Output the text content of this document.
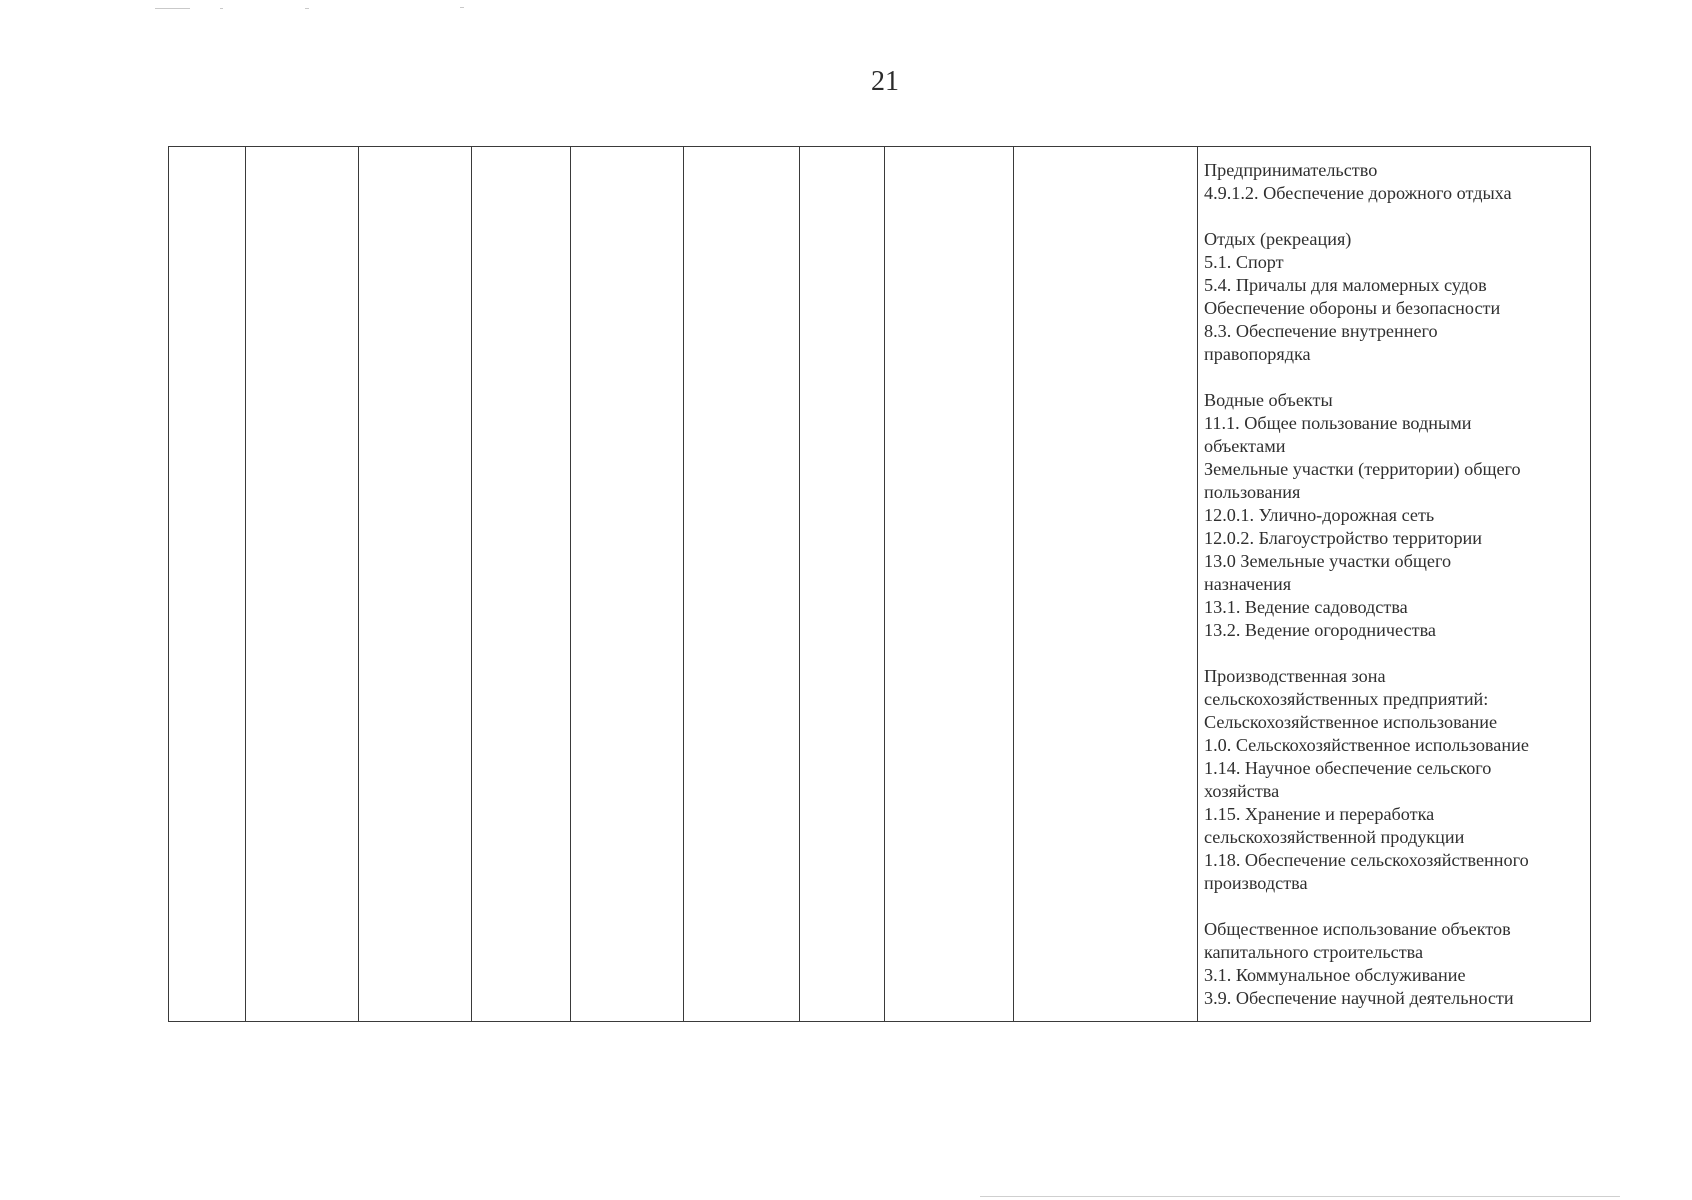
21

Предпринимательство
4.9.1.2. Обеспечение дорожного отдыха
Отдых (рекреация)
5.1. Спорт
5.4. Причалы для маломерных судов
Обеспечение обороны и безопасности
8.3. Обеспечение внутреннего
правопорядка
Водные объекты
11.1. Общее пользование водными
объектами
Земельные участки (территории) общего
пользования
12.0.1. Улично-дорожная сеть
12.0.2. Благоустройство территории
13.0 Земельные участки общего
назначения
13.1. Ведение садоводства
13.2. Ведение огородничества
Производственная зона
сельскохозяйственных предприятий:
Сельскохозяйственное использование
1.0. Сельскохозяйственное использование
1.14. Научное обеспечение сельского
хозяйства
1.15. Хранение и переработка
сельскохозяйственной продукции
1.18. Обеспечение сельскохозяйственного
производства
Общественное использование объектов
капитального строительства
3.1. Коммунальное обслуживание
3.9. Обеспечение научной деятельности
